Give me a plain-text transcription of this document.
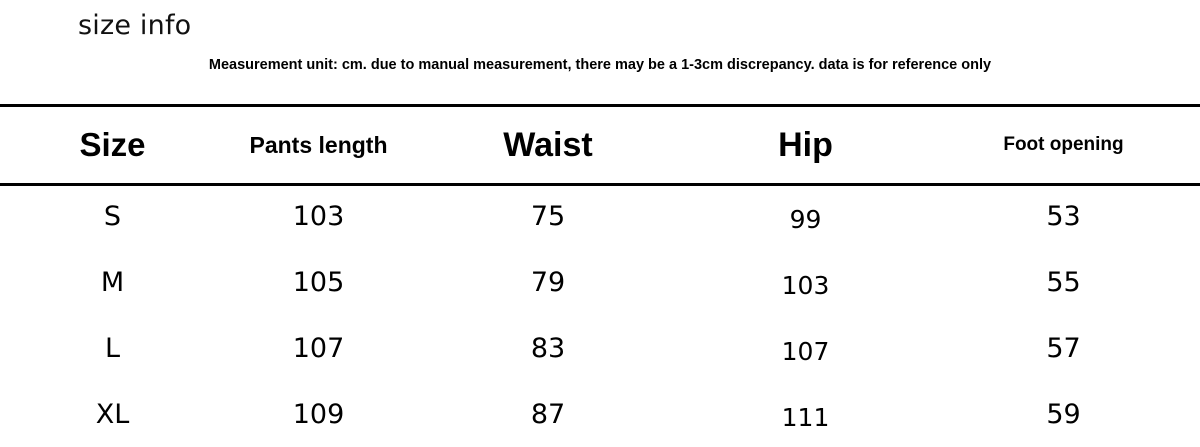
size info
Measurement unit: cm. due to manual measurement, there may be a 1-3cm discrepancy. data is for reference only
Size	Pants length	Waist	Hip	Foot opening
S	103	75	99	53
M	105	79	103	55
L	107	83	107	57
XL	109	87	111	59
